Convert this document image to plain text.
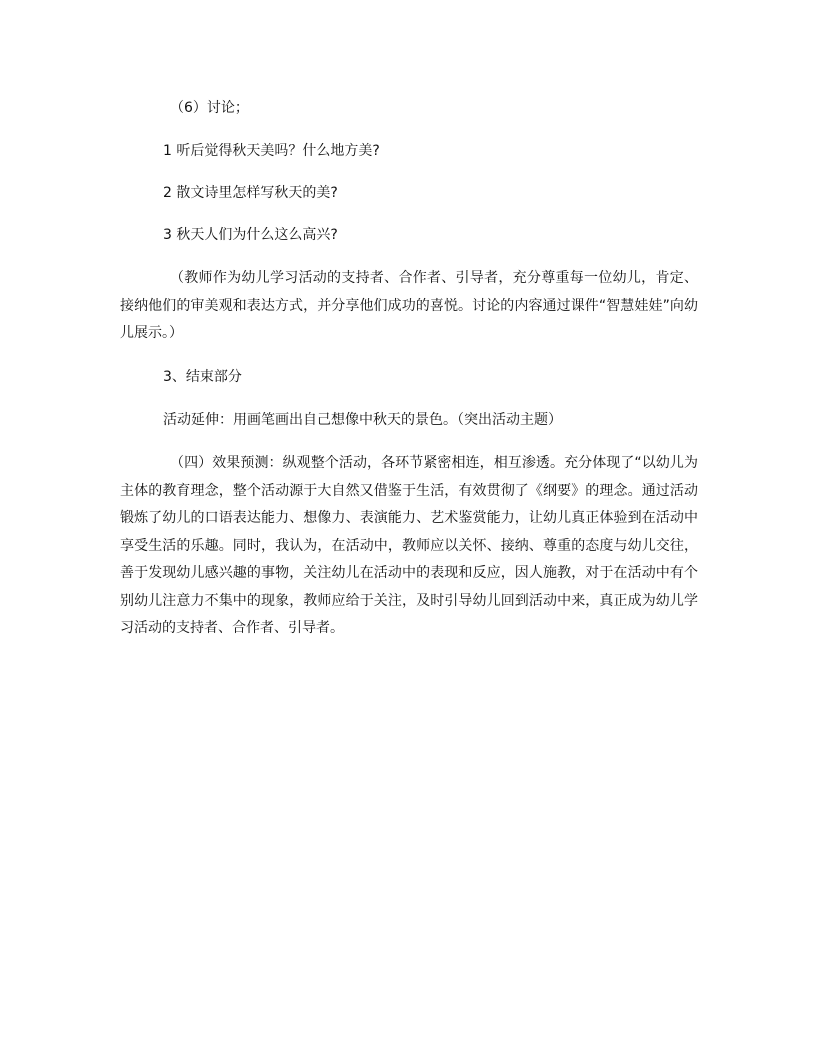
（6）讨论；

1 听后觉得秋天美吗？什么地方美?

2 散文诗里怎样写秋天的美?

3 秋天人们为什么这么高兴?

（教师作为幼儿学习活动的支持者、合作者、引导者，充分尊重每一位幼儿，肯定、接纳他们的审美观和表达方式，并分享他们成功的喜悦。讨论的内容通过课件“智慧娃娃”向幼儿展示。）

3、结束部分

活动延伸：用画笔画出自己想像中秋天的景色。（突出活动主题）

（四）效果预测：纵观整个活动，各环节紧密相连，相互渗透。充分体现了“以幼儿为主体的教育理念，整个活动源于大自然又借鉴于生活，有效贯彻了《纲要》的理念。通过活动锻炼了幼儿的口语表达能力、想像力、表演能力、艺术鉴赏能力，让幼儿真正体验到在活动中享受生活的乐趣。同时，我认为，在活动中，教师应以关怀、接纳、尊重的态度与幼儿交往，善于发现幼儿感兴趣的事物，关注幼儿在活动中的表现和反应，因人施教，对于在活动中有个别幼儿注意力不集中的现象，教师应给于关注，及时引导幼儿回到活动中来，真正成为幼儿学习活动的支持者、合作者、引导者。
